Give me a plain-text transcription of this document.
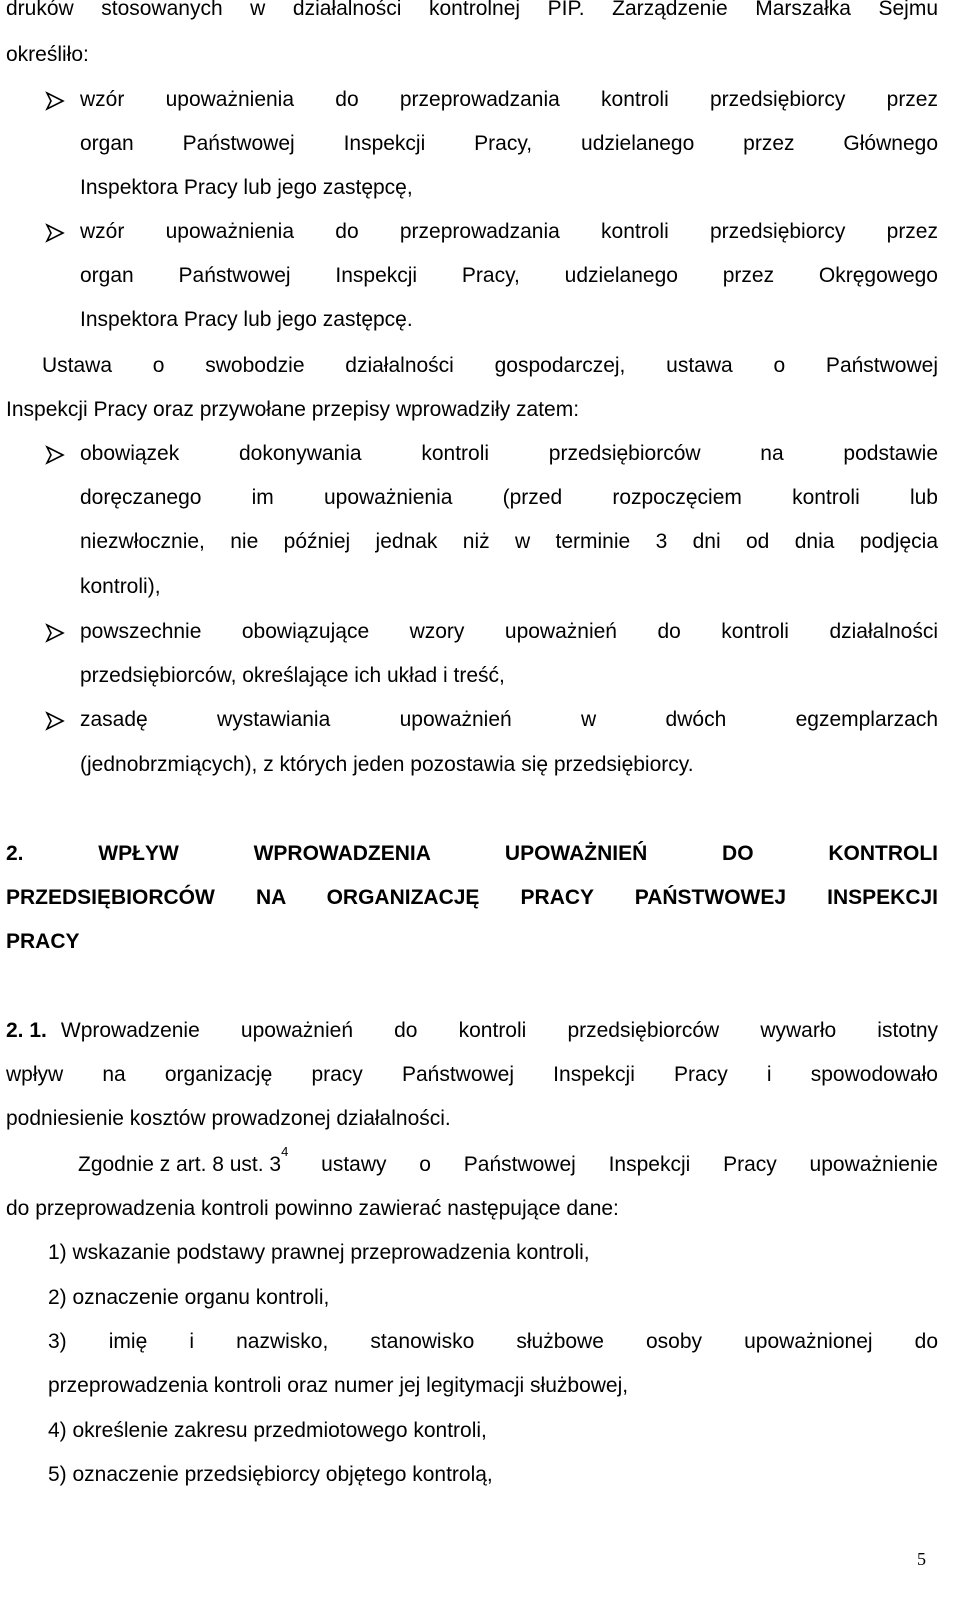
druków stosowanych w działalności kontrolnej PIP. Zarządzenie Marszałka Sejmu
określiło:
wzór upoważnienia do przeprowadzania kontroli przedsiębiorcy przez
organ Państwowej Inspekcji Pracy, udzielanego przez Głównego
Inspektora Pracy lub jego zastępcę,
wzór upoważnienia do przeprowadzania kontroli przedsiębiorcy przez
organ Państwowej Inspekcji Pracy, udzielanego przez Okręgowego
Inspektora Pracy lub jego zastępcę.
Ustawa o swobodzie działalności gospodarczej, ustawa o Państwowej
Inspekcji Pracy oraz przywołane przepisy wprowadziły zatem:
obowiązek dokonywania kontroli przedsiębiorców na podstawie
doręczanego im upoważnienia (przed rozpoczęciem kontroli lub
niezwłocznie, nie później jednak niż w terminie 3 dni od dnia podjęcia
kontroli),
powszechnie obowiązujące wzory upoważnień do kontroli działalności
przedsiębiorców, określające ich układ i treść,
zasadę wystawiania upoważnień w dwóch egzemplarzach
(jednobrzmiących), z których jeden pozostawia się przedsiębiorcy.
2. WPŁYW WPROWADZENIA UPOWAŻNIEŃ DO KONTROLI
PRZEDSIĘBIORCÓW NA ORGANIZACJĘ PRACY PAŃSTWOWEJ INSPEKCJI
PRACY
2. 1. Wprowadzenie upoważnień do kontroli przedsiębiorców wywarło istotny
wpływ na organizację pracy Państwowej Inspekcji Pracy i spowodowało
podniesienie kosztów prowadzonej działalności.
Zgodnie z art. 8 ust. 3
4
ustawy o Państwowej Inspekcji Pracy upoważnienie
do przeprowadzenia kontroli powinno zawierać następujące dane:
1) wskazanie podstawy prawnej przeprowadzenia kontroli,
2) oznaczenie organu kontroli,
3) imię i nazwisko, stanowisko służbowe osoby upoważnionej do
przeprowadzenia kontroli oraz numer jej legitymacji służbowej,
4) określenie zakresu przedmiotowego kontroli,
5) oznaczenie przedsiębiorcy objętego kontrolą,
5
